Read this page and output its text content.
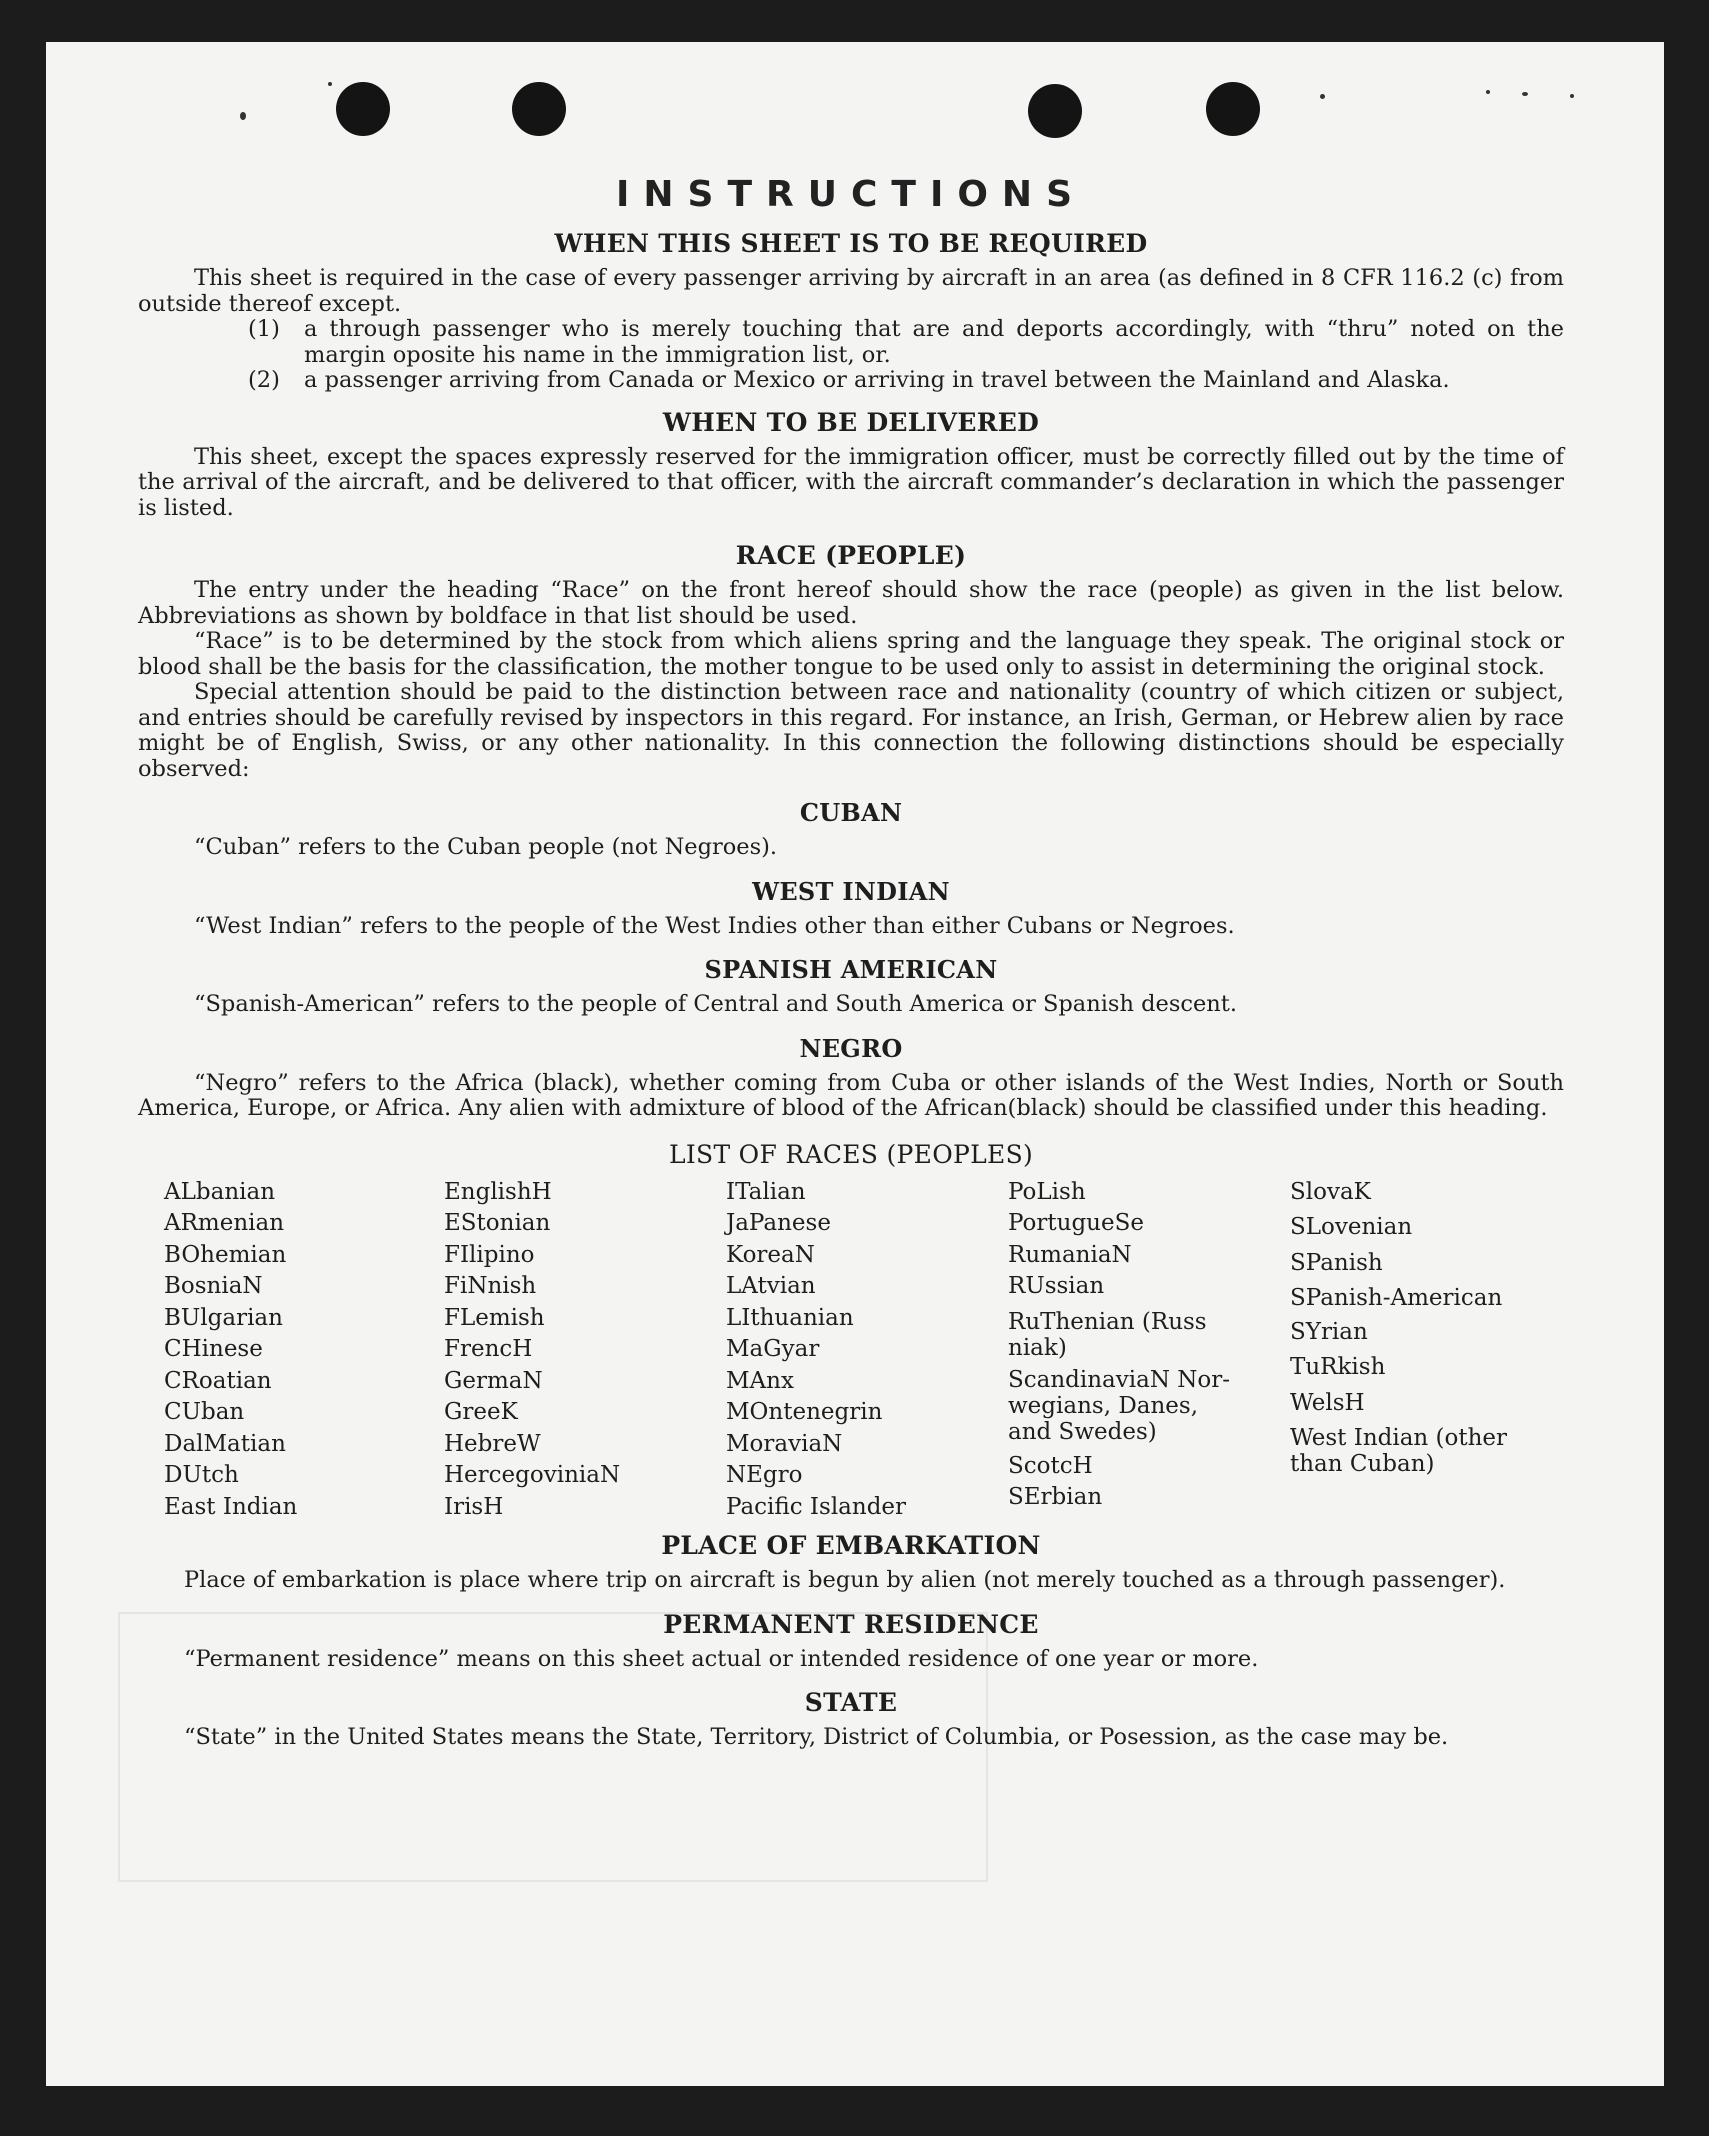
INSTRUCTIONS
WHEN THIS SHEET IS TO BE REQUIRED

This sheet is required in the case of every passenger arriving by aircraft in an area (as defined in 8 CFR 116.2 (c) from outside thereof except.

(1)	a through passenger who is merely touching that are and deports accordingly, with “thru” noted on the margin oposite his name in the immigration list, or.
(2)	a passenger arriving from Canada or Mexico or arriving in travel between the Mainland and Alaska.
WHEN TO BE DELIVERED

This sheet, except the spaces expressly reserved for the immigration officer, must be correctly filled out by the time of the arrival of the aircraft, and be delivered to that officer, with the aircraft commander’s declaration in which the passenger is listed.

RACE (PEOPLE)

The entry under the heading “Race” on the front hereof should show the race (people) as given in the list below. Abbreviations as shown by boldface in that list should be used.

“Race” is to be determined by the stock from which aliens spring and the language they speak. The original stock or blood shall be the basis for the classification, the mother tongue to be used only to assist in determining the original stock.

Special attention should be paid to the distinction between race and nationality (country of which citizen or subject, and entries should be carefully revised by inspectors in this regard. For instance, an Irish, German, or Hebrew alien by race might be of English, Swiss, or any other nationality. In this connection the following distinctions should be especially observed:

CUBAN

“Cuban” refers to the Cuban people (not Negroes).

WEST INDIAN

“West Indian” refers to the people of the West Indies other than either Cubans or Negroes.

SPANISH AMERICAN

“Spanish-American” refers to the people of Central and South America or Spanish descent.

NEGRO

“Negro” refers to the Africa (black), whether coming from Cuba or other islands of the West Indies, North or South America, Europe, or Africa. Any alien with admixture of blood of the African(black) should be classified under this heading.

LIST OF RACES (PEOPLES)
ALbanian
ARmenian
BOhemian
BosniaN
BUlgarian
CHinese
CRoatian
CUban
DalMatian
DUtch
East Indian
EnglishH
EStonian
FIlipino
FiNnish
FLemish
FrencH
GermaN
GreeK
HebreW
HercegoviniaN
IrisH
ITalian
JaPanese
KoreaN
LAtvian
LIthuanian
MaGyar
MAnx
MOntenegrin
MoraviaN
NEgro
Pacific Islander
PoLish
PortugueSe
RumaniaN
RUssian
RuThenian (Russ
niak)
ScandinaviaN Nor-
wegians, Danes,
and Swedes)
ScotcH
SErbian
SlovaK
SLovenian
SPanish
SPanish-American
SYrian
TuRkish
WelsH
West Indian (other
than Cuban)
PLACE OF EMBARKATION

Place of embarkation is place where trip on aircraft is begun by alien (not merely touched as a through passenger).

PERMANENT RESIDENCE

“Permanent residence” means on this sheet actual or intended residence of one year or more.

STATE

“State” in the United States means the State, Territory, District of Columbia, or Posession, as the case may be.
